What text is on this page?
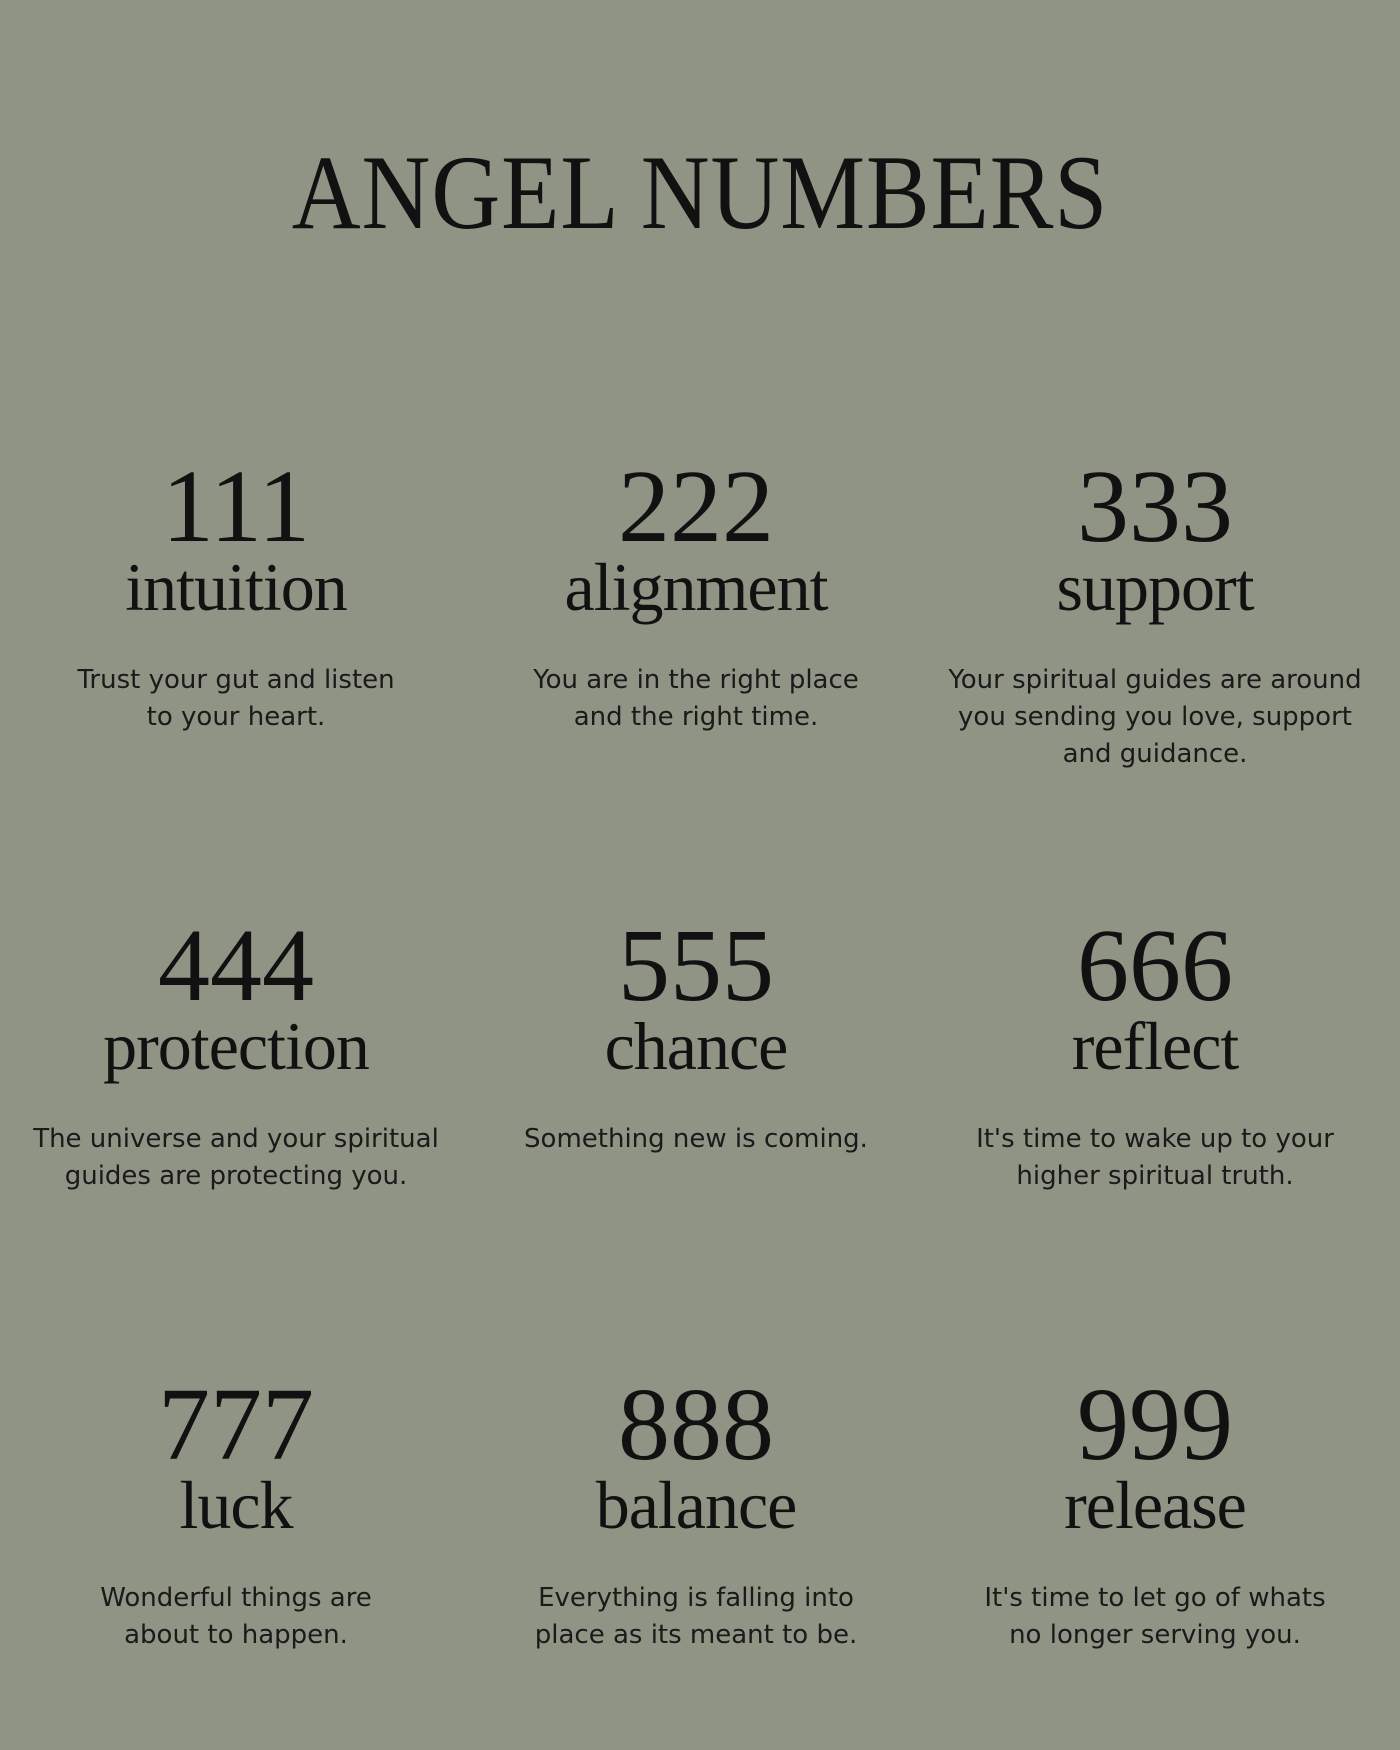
ANGEL NUMBERS
111
intuition
Trust your gut and listen to your heart.
222
alignment
You are in the right place and the right time.
333
support
Your spiritual guides are around you sending you love, support and guidance.
444
protection
The universe and your spiritual guides are protecting you.
555
chance
Something new is coming.
666
reflect
It's time to wake up to your higher spiritual truth.
777
luck
Wonderful things are about to happen.
888
balance
Everything is falling into place as its meant to be.
999
release
It's time to let go of whats no longer serving you.
